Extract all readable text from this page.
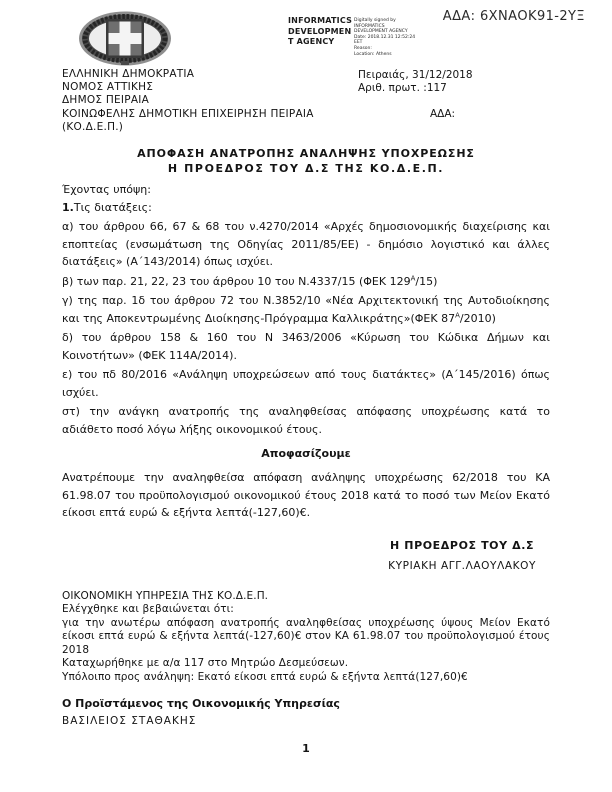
INFORMATICS
DEVELOPMEN
T AGENCY
Digitally signed by
INFORMATICS
DEVELOPMENT AGENCY
Date: 2018.12.31 12:52:24
EET
Reason:
Location: Athens
ΑΔΑ: 6ΧΝΑΟΚ91-2ΥΞ
ΕΛΛΗΝΙΚΗ ΔΗΜΟΚΡΑΤΙΑ
ΝΟΜΟΣ ΑΤΤΙΚΗΣ
ΔΗΜΟΣ ΠΕΙΡΑΙΑ
ΚΟΙΝΩΦΕΛΗΣ ΔΗΜΟΤΙΚΗ ΕΠΙΧΕΙΡΗΣΗ ΠΕΙΡΑΙΑ
(ΚΟ.Δ.Ε.Π.)
Πειραιάς, 31/12/2018
Αριθ. πρωτ. :117
ΑΔΑ:
ΑΠΟΦΑΣΗ ΑΝΑΤΡΟΠΗΣ ΑΝΑΛΗΨΗΣ ΥΠΟΧΡΕΩΣΗΣ
Η ΠΡΟΕΔΡΟΣ ΤΟΥ Δ.Σ ΤΗΣ ΚΟ.Δ.Ε.Π.
Έχοντας υπόψη:
1.Τις διατάξεις:
α) του άρθρου 66, 67 & 68 του ν.4270/2014 «Αρχές δημοσιονομικής διαχείρισης και εποπτείας (ενσωμάτωση της Οδηγίας 2011/85/ΕΕ) - δημόσιο λογιστικό και άλλες διατάξεις» (Α΄143/2014) όπως ισχύει.
β) των παρ. 21, 22, 23 του άρθρου 10 του Ν.4337/15 (ΦΕΚ $129^A/15$)
γ) της παρ. 1δ του άρθρου 72 του Ν.3852/10 «Νέα Αρχιτεκτονική της Αυτοδιοίκησης και της Αποκεντρωμένης Διοίκησης-Πρόγραμμα Καλλικράτης»(ΦΕΚ $87^A/2010$)
δ) του άρθρου 158 & 160 του Ν 3463/2006 «Κύρωση του Κώδικα Δήμων και Κοινοτήτων» (ΦΕΚ 114Α/2014).
ε) του πδ 80/2016 «Ανάληψη υποχρεώσεων από τους διατάκτες» (Α΄145/2016) όπως ισχύει.
στ) την ανάγκη ανατροπής της αναληφθείσας απόφασης υποχρέωσης κατά το αδιάθετο ποσό λόγω λήξης οικονομικού έτους.
Αποφασίζουμε
Ανατρέπουμε την αναληφθείσα απόφαση ανάληψης υποχρέωσης 62/2018 του ΚΑ 61.98.07 του προϋπολογισμού οικονομικού έτους 2018 κατά το ποσό των Μείον Εκατό είκοσι επτά ευρώ & εξήντα λεπτά(-127,60)€.
Η ΠΡΟΕΔΡΟΣ ΤΟΥ Δ.Σ
ΚΥΡΙΑΚΗ ΑΓΓ.ΛΑΟΥΛΑΚΟΥ
ΟΙΚΟΝΟΜΙΚΗ ΥΠΗΡΕΣΙΑ ΤΗΣ ΚΟ.Δ.Ε.Π.
Ελέγχθηκε και βεβαιώνεται ότι:
για την ανωτέρω απόφαση ανατροπής αναληφθείσας υποχρέωσης ύψους Μείον Εκατό είκοσι επτά ευρώ & εξήντα λεπτά(-127,60)€ στον ΚΑ 61.98.07 του προϋπολογισμού έτους 2018
Καταχωρήθηκε με α/α 117 στο Μητρώο Δεσμεύσεων.
Υπόλοιπο προς ανάληψη: Εκατό είκοσι επτά ευρώ & εξήντα λεπτά(127,60)€
Ο Προϊστάμενος της Οικονομικής Υπηρεσίας
ΒΑΣΙΛΕΙΟΣ ΣΤΑΘΑΚΗΣ
1
